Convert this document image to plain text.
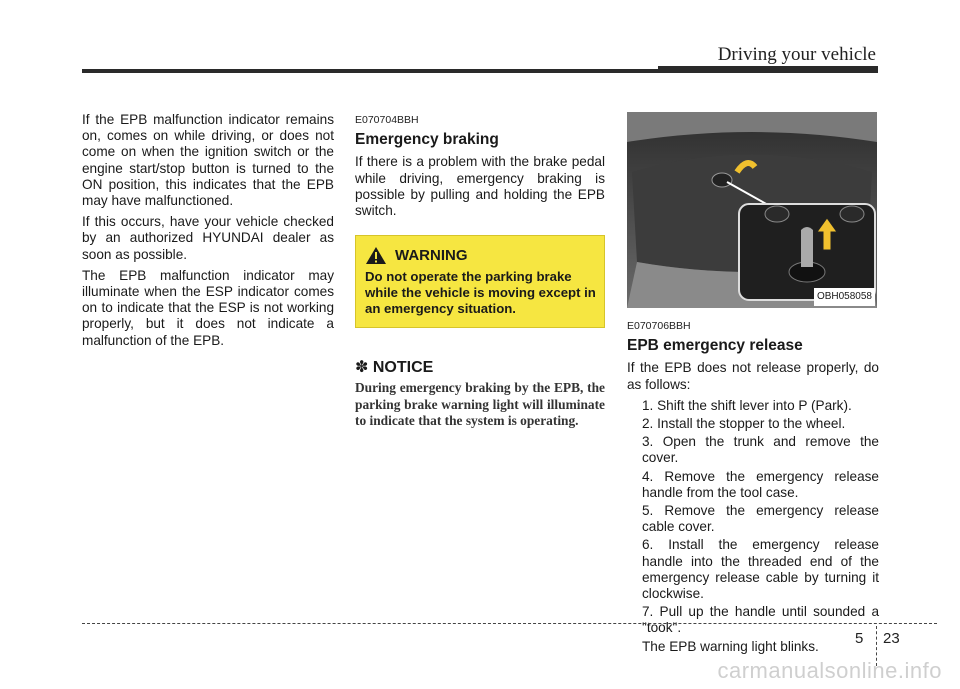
Driving your vehicle

If the EPB malfunction indicator remains on, comes on while driving, or does not come on when the ignition switch or the engine start/stop button is turned to the ON position, this indicates that the EPB may have malfunctioned.

If this occurs, have your vehicle checked by an authorized HYUNDAI dealer as soon as possible.

The EPB malfunction indicator may illuminate when the ESP indicator comes on to indicate that the ESP is not working properly, but it does not indicate a malfunction of the EPB.

E070704BBH
Emergency braking

If there is a problem with the brake pedal while driving, emergency braking is possible by pulling and holding the EPB switch.

WARNING
Do not operate the parking brake while the vehicle is moving except in an emergency situation.
✽ NOTICE
During emergency braking by the EPB, the parking brake warning light will illuminate to indicate that the system is operating.
OBH058058
E070706BBH
EPB emergency release

If the EPB does not release properly, do as follows:

1. Shift the shift lever into P (Park).
2. Install the stopper to the wheel.
3. Open the trunk and remove the cover.
4. Remove the emergency release handle from the tool case.
5. Remove the emergency release cable cover.
6. Install the emergency release handle into the threaded end of the emergency release cable by turning it clockwise.
7. Pull up the handle until sounded a "took".
The EPB warning light blinks.	5 23
carmanualsonline.info
